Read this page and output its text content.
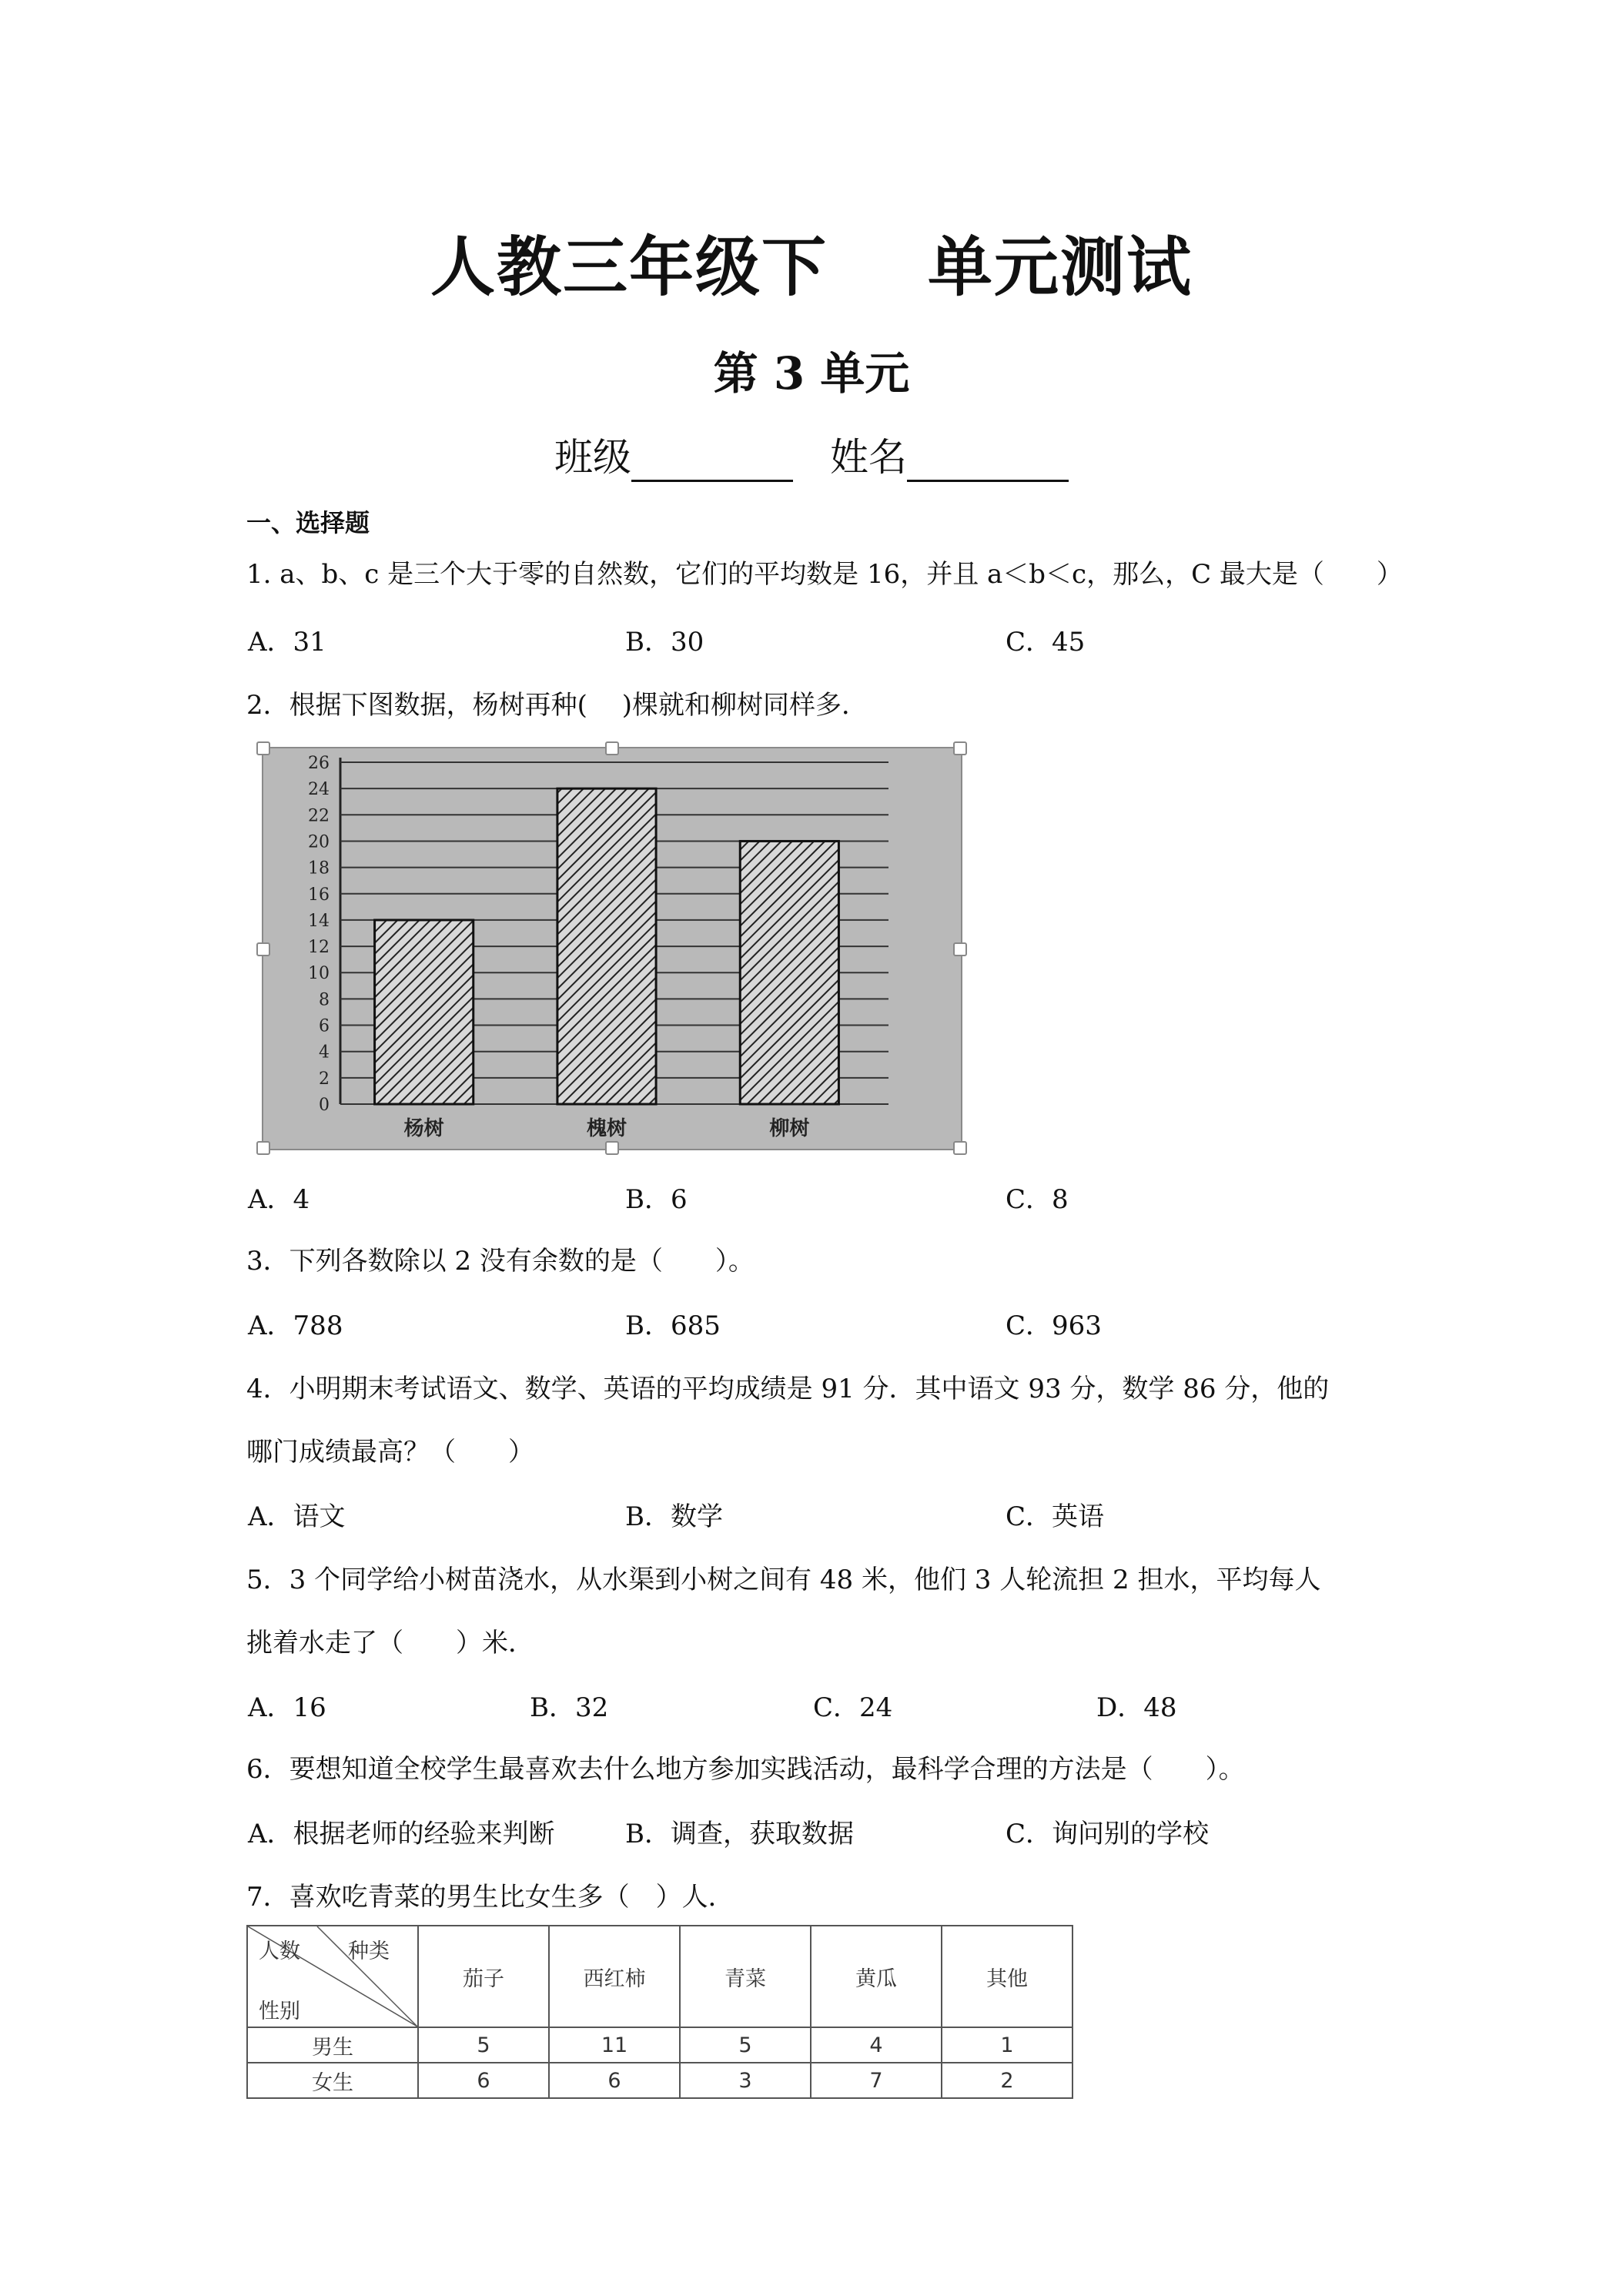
人教三年级下 单元测试
第 3 单元
班级	姓名
一、选择题
1. a、b、c 是三个大于零的自然数，它们的平均数是 16，并且 a＜b＜c，那么，C 最大是（　　）
A．31	B．30	C．45
2．根据下图数据，杨树再种(　 )棵就和柳树同样多．
0
2
4
6
8
10
12
14
16
18
20
22
24
26
杨树	槐树	柳树
A．4	B．6	C．8
3．下列各数除以 2 没有余数的是（　　）。
A．788	B．685	C．963
4．小明期末考试语文、数学、英语的平均成绩是 91 分．其中语文 93 分，数学 86 分，他的
哪门成绩最高？（　　）
A．语文	B．数学	C．英语
5．3 个同学给小树苗浇水，从水渠到小树之间有 48 米，他们 3 人轮流担 2 担水，平均每人
挑着水走了（　　）米．
A．16	B．32	C．24	D．48
6．要想知道全校学生最喜欢去什么地方参加实践活动，最科学合理的方法是（　　）。
A．根据老师的经验来判断	B．调查，获取数据	C．询问别的学校
7．喜欢吃青菜的男生比女生多（　）人．
人数 种类
性别	茄子	西红柿	青菜	黄瓜	其他
男生	5	11	5	4	1
女生	6	6	3	7	2
